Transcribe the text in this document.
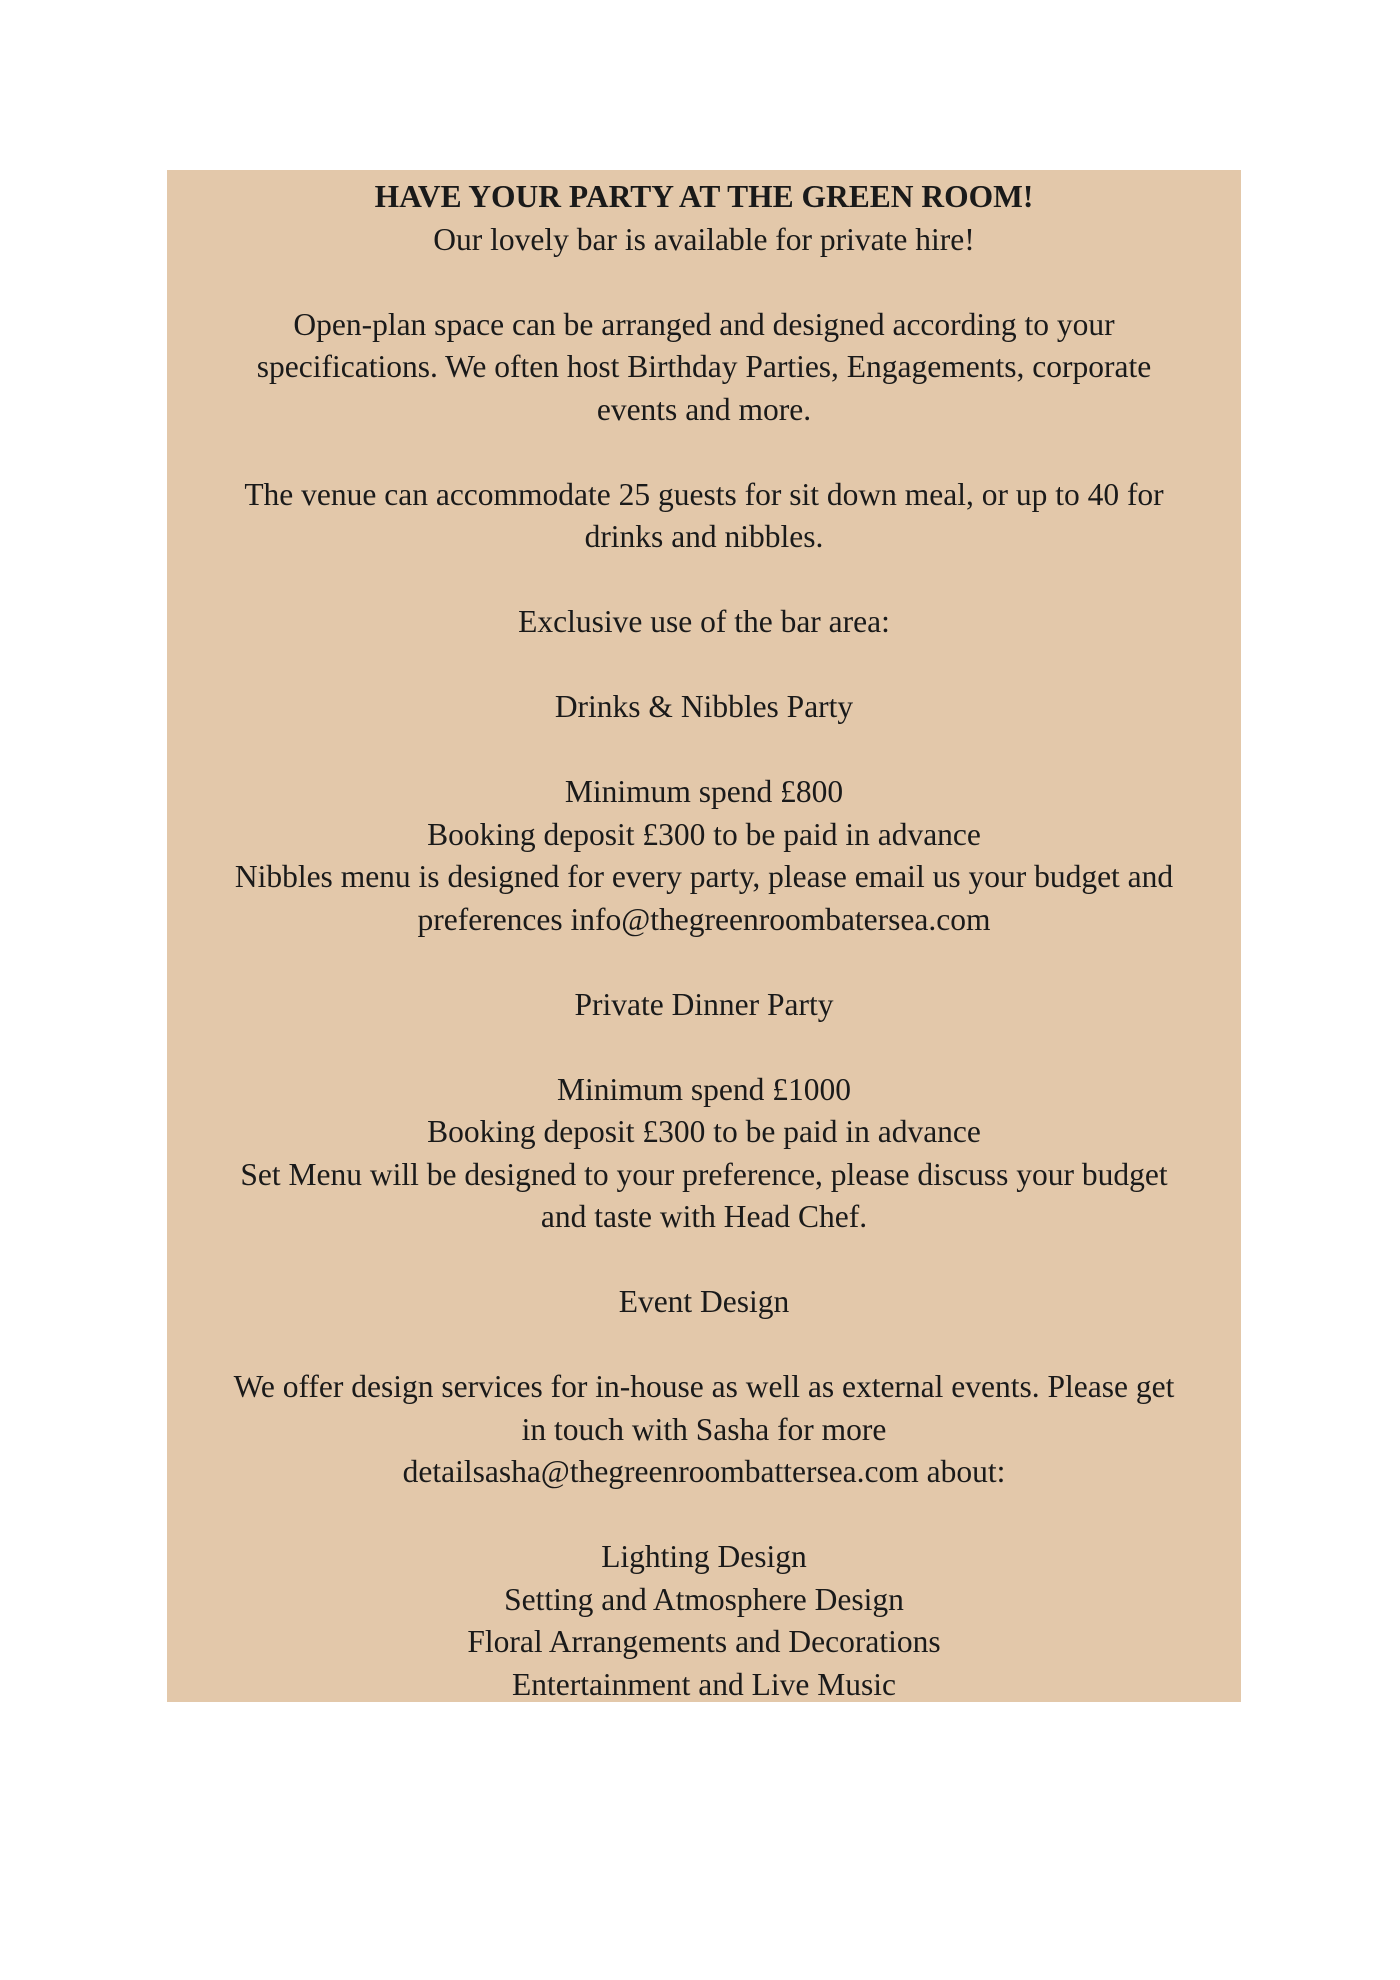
HAVE YOUR PARTY AT THE GREEN ROOM!
Our lovely bar is available for private hire!
Open-plan space can be arranged and designed according to your
specifications. We often host Birthday Parties, Engagements, corporate
events and more.
The venue can accommodate 25 guests for sit down meal, or up to 40 for
drinks and nibbles.
Exclusive use of the bar area:
Drinks & Nibbles Party
Minimum spend £800
Booking deposit £300 to be paid in advance
Nibbles menu is designed for every party, please email us your budget and
preferences info@thegreenroombatersea.com
Private Dinner Party
Minimum spend £1000
Booking deposit £300 to be paid in advance
Set Menu will be designed to your preference, please discuss your budget
and taste with Head Chef.
Event Design
We offer design services for in-house as well as external events. Please get
in touch with Sasha for more
detailsasha@thegreenroombattersea.com about:
Lighting Design
Setting and Atmosphere Design
Floral Arrangements and Decorations
Entertainment and Live Music
